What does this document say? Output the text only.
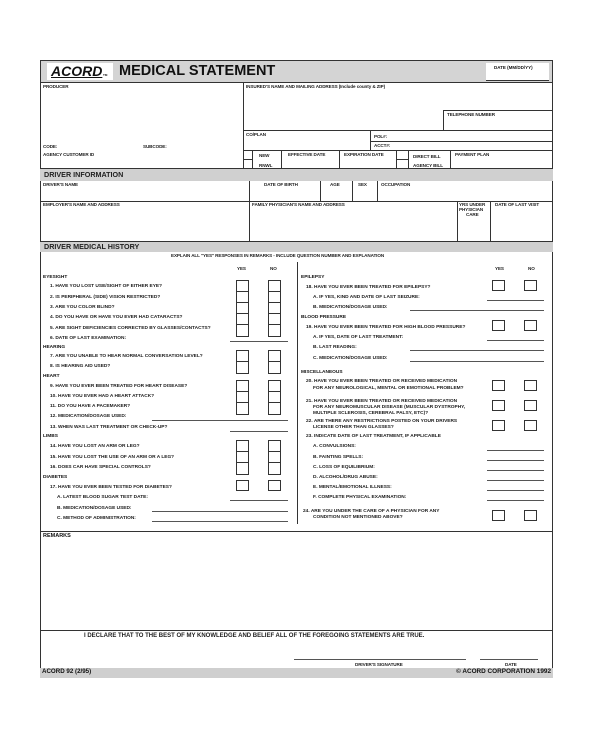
ACORD TM MEDICAL STATEMENT	DATE (MM/DD/YY)
PRODUCER	INSURED'S NAME AND MAILING ADDRESS (Include county & ZIP)
TELEPHONE NUMBER
CO/PLAN	POL#:
ACCT#:
CODE:	SUBCODE:
AGENCY CUSTOMER ID	NEW
RNWL
EFFECTIVE DATE	EXPIRATION DATE	DIRECT BILL
AGENCY BILL
PAYMENT PLAN
DRIVER INFORMATION
DRIVER'S NAME	DATE OF BIRTH	AGE	SEX	OCCUPATION
EMPLOYER'S NAME AND ADDRESS	FAMILY PHYSICIAN'S NAME AND ADDRESS	YRS UNDER
PHYSICIAN
CARE
DATE OF LAST VISIT
DRIVER MEDICAL HISTORY
EXPLAIN ALL "YES" RESPONSES IN REMARKS - INCLUDE QUESTION NUMBER AND EXPLANATION
YES	NO	YES	NO
EYESIGHT
1. HAVE YOU LOST USE/SIGHT OF EITHER EYE?
2. IS PERIPHERAL (SIDE) VISION RESTRICTED?
3. ARE YOU COLOR BLIND?
4. DO YOU HAVE OR HAVE YOU EVER HAD CATARACTS?
5. ARE SIGHT DEFICIENCIES CORRECTED BY GLASSES/CONTACTS?
6. DATE OF LAST EXAMINATION:
HEARING
7. ARE YOU UNABLE TO HEAR NORMAL CONVERSATION LEVEL?
8. IS HEARING AID USED?
HEART
9. HAVE YOU EVER BEEN TREATED FOR HEART DISEASE?
10. HAVE YOU EVER HAD A HEART ATTACK?
11. DO YOU HAVE A PACEMAKER?
12. MEDICATION/DOSAGE USED:
13. WHEN WAS LAST TREATMENT OR CHECK-UP?
LIMBS
14. HAVE YOU LOST AN ARM OR LEG?
15. HAVE YOU LOST THE USE OF AN ARM OR A LEG?
16. DOES CAR HAVE SPECIAL CONTROLS?
DIABETES
17. HAVE YOU EVER BEEN TESTED FOR DIABETES?
A. LATEST BLOOD SUGAR TEST DATE:
B. MEDICATION/DOSAGE USED:
C. METHOD OF ADMINISTRATION:
EPILEPSY
18. HAVE YOU EVER BEEN TREATED FOR EPILEPSY?
A. IF YES, KIND AND DATE OF LAST SEIZURE:
B. MEDICATION/DOSAGE USED:
BLOOD PRESSURE
19. HAVE YOU EVER BEEN TREATED FOR HIGH BLOOD PRESSURE?
A. IF YES, DATE OF LAST TREATMENT:
B. LAST READING:
C. MEDICATION/DOSAGE USED:
MISCELLANEOUS
20. HAVE YOU EVER BEEN TREATED OR RECEIVED MEDICATION
FOR ANY NEUROLOGICAL, MENTAL OR EMOTIONAL PROBLEM?
21. HAVE YOU EVER BEEN TREATED OR RECEIVED MEDICATION
FOR ANY NEUROMUSCULAR DISEASE (MUSCULAR DYSTROPHY,
MULTIPLE SCLEROSIS, CEREBRAL PALSY, ETC)?
22. ARE THERE ANY RESTRICTIONS POSTED ON YOUR DRIVERS
LICENSE OTHER THAN GLASSES?
23. INDICATE DATE OF LAST TREATMENT, IF APPLICABLE
A. CONVULSIONS:
B. FAINTING SPELLS:
C. LOSS OF EQUILIBRIUM:
D. ALCOHOL/DRUG ABUSE:
E. MENTAL/EMOTIONAL ILLNESS:
F. COMPLETE PHYSICAL EXAMINATION:
24. ARE YOU UNDER THE CARE OF A PHYSICIAN FOR ANY
CONDITION NOT MENTIONED ABOVE?
REMARKS
I DECLARE THAT TO THE BEST OF MY KNOWLEDGE AND BELIEF ALL OF THE FOREGOING STATEMENTS ARE TRUE.
DRIVER'S SIGNATURE	DATE
ACORD 92 (2/95)	© ACORD CORPORATION 1992
